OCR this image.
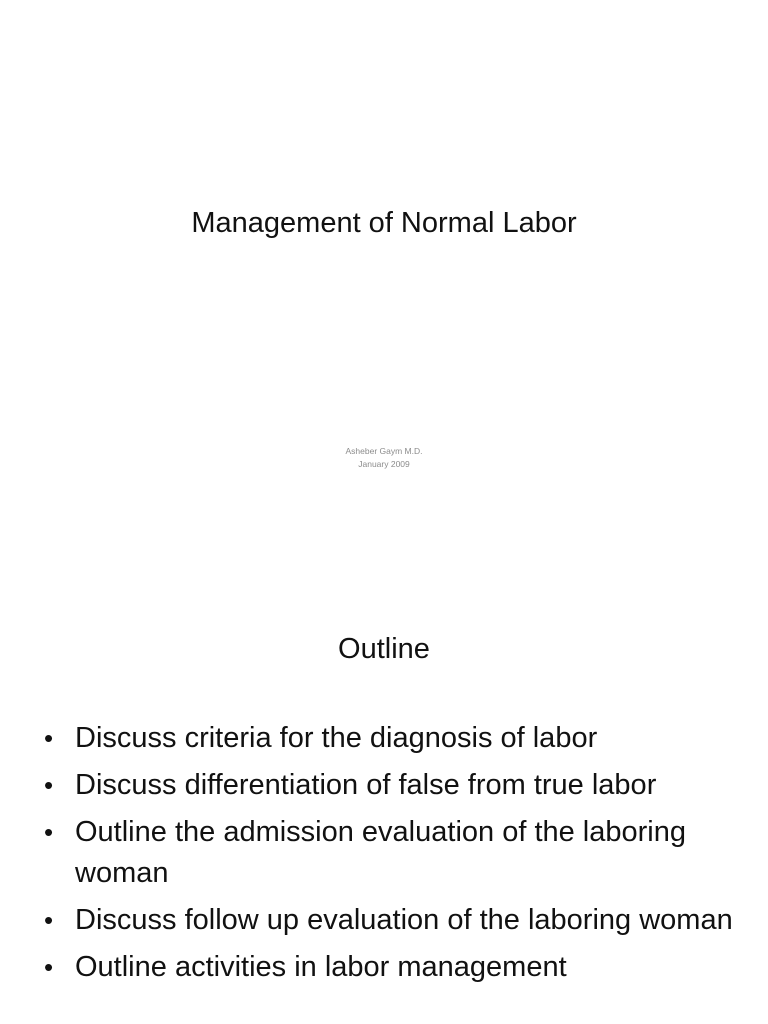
Management of Normal Labor
Asheber Gaym M.D.
January 2009
Outline
• Discuss criteria for the diagnosis of labor
• Discuss differentiation of false from true labor
• Outline the admission evaluation of the laboring woman
• Discuss follow up evaluation of the laboring woman
• Outline activities in labor management
